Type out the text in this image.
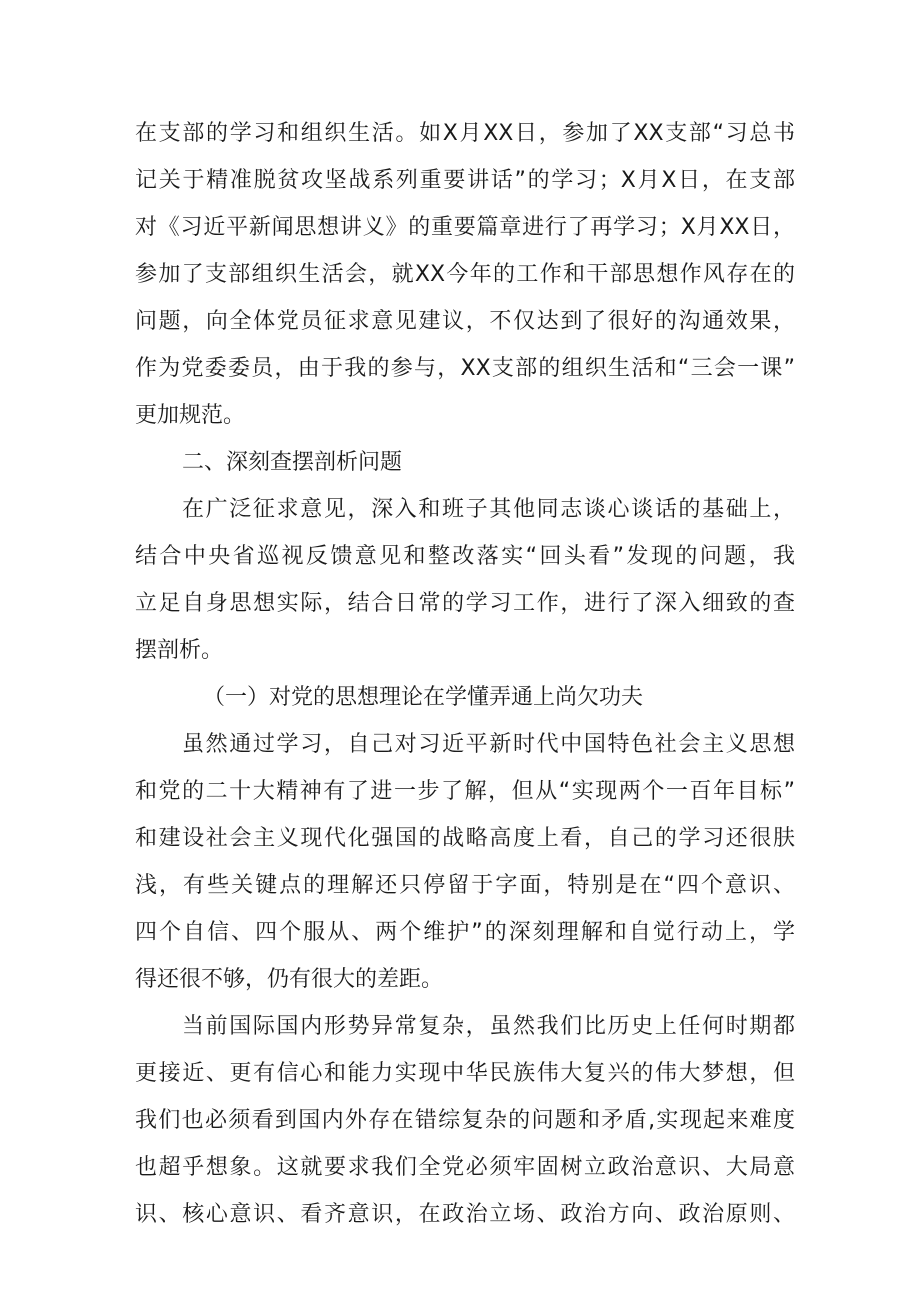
在支部的学习和组织生活。如X月XX日，参加了XX支部“习总书
记关于精准脱贫攻坚战系列重要讲话”的学习；X月X日，在支部
对《习近平新闻思想讲义》的重要篇章进行了再学习；X月XX日，
参加了支部组织生活会，就XX今年的工作和干部思想作风存在的
问题，向全体党员征求意见建议，不仅达到了很好的沟通效果，
作为党委委员，由于我的参与，XX支部的组织生活和“三会一课”
更加规范。
二、深刻查摆剖析问题
在广泛征求意见，深入和班子其他同志谈心谈话的基础上，
结合中央省巡视反馈意见和整改落实“回头看”发现的问题，我
立足自身思想实际，结合日常的学习工作，进行了深入细致的查
摆剖析。
（一）对党的思想理论在学懂弄通上尚欠功夫
虽然通过学习，自己对习近平新时代中国特色社会主义思想
和党的二十大精神有了进一步了解，但从“实现两个一百年目标”
和建设社会主义现代化强国的战略高度上看，自己的学习还很肤
浅，有些关键点的理解还只停留于字面，特别是在“四个意识、
四个自信、四个服从、两个维护”的深刻理解和自觉行动上，学
得还很不够，仍有很大的差距。
当前国际国内形势异常复杂，虽然我们比历史上任何时期都
更接近、更有信心和能力实现中华民族伟大复兴的伟大梦想，但
我们也必须看到国内外存在错综复杂的问题和矛盾,实现起来难度
也超乎想象。这就要求我们全党必须牢固树立政治意识、大局意
识、核心意识、看齐意识，在政治立场、政治方向、政治原则、
